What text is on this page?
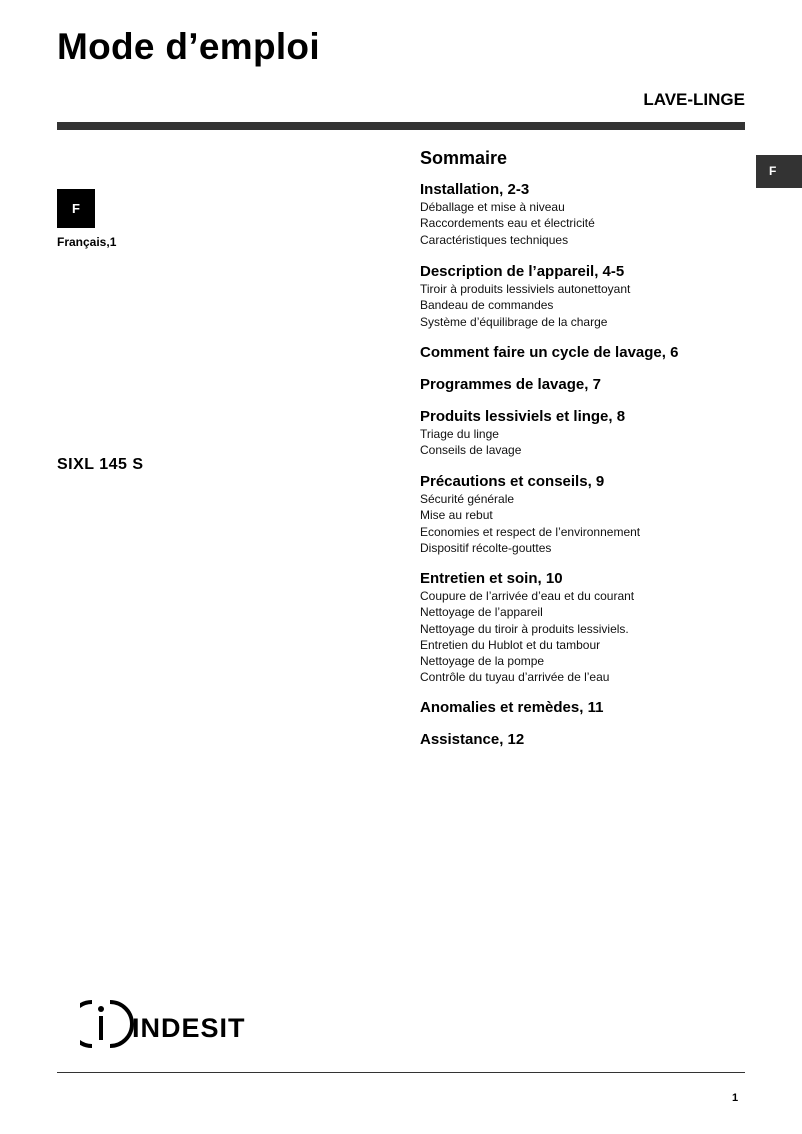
Mode d’emploi
LAVE-LINGE
F
F
Français,1
SIXL 145 S
Sommaire
Installation, 2-3
Déballage et mise à niveau
Raccordements eau et électricité
Caractéristiques techniques
Description de l’appareil, 4-5
Tiroir à produits lessiviels autonettoyant
Bandeau de commandes
Système d’équilibrage de la charge
Comment faire un cycle de lavage, 6
Programmes de lavage, 7
Produits lessiviels et linge, 8
Triage du linge
Conseils de lavage
Précautions et conseils, 9
Sécurité générale
Mise au rebut
Economies et respect de l’environnement
Dispositif récolte-gouttes
Entretien et soin, 10
Coupure de l’arrivée d’eau et du courant
Nettoyage de l’appareil
Nettoyage du tiroir à produits lessiviels.
Entretien du Hublot et du tambour
Nettoyage de la pompe
Contrôle du tuyau d’arrivée de l’eau
Anomalies et remèdes, 11
Assistance, 12
INDESIT
1
